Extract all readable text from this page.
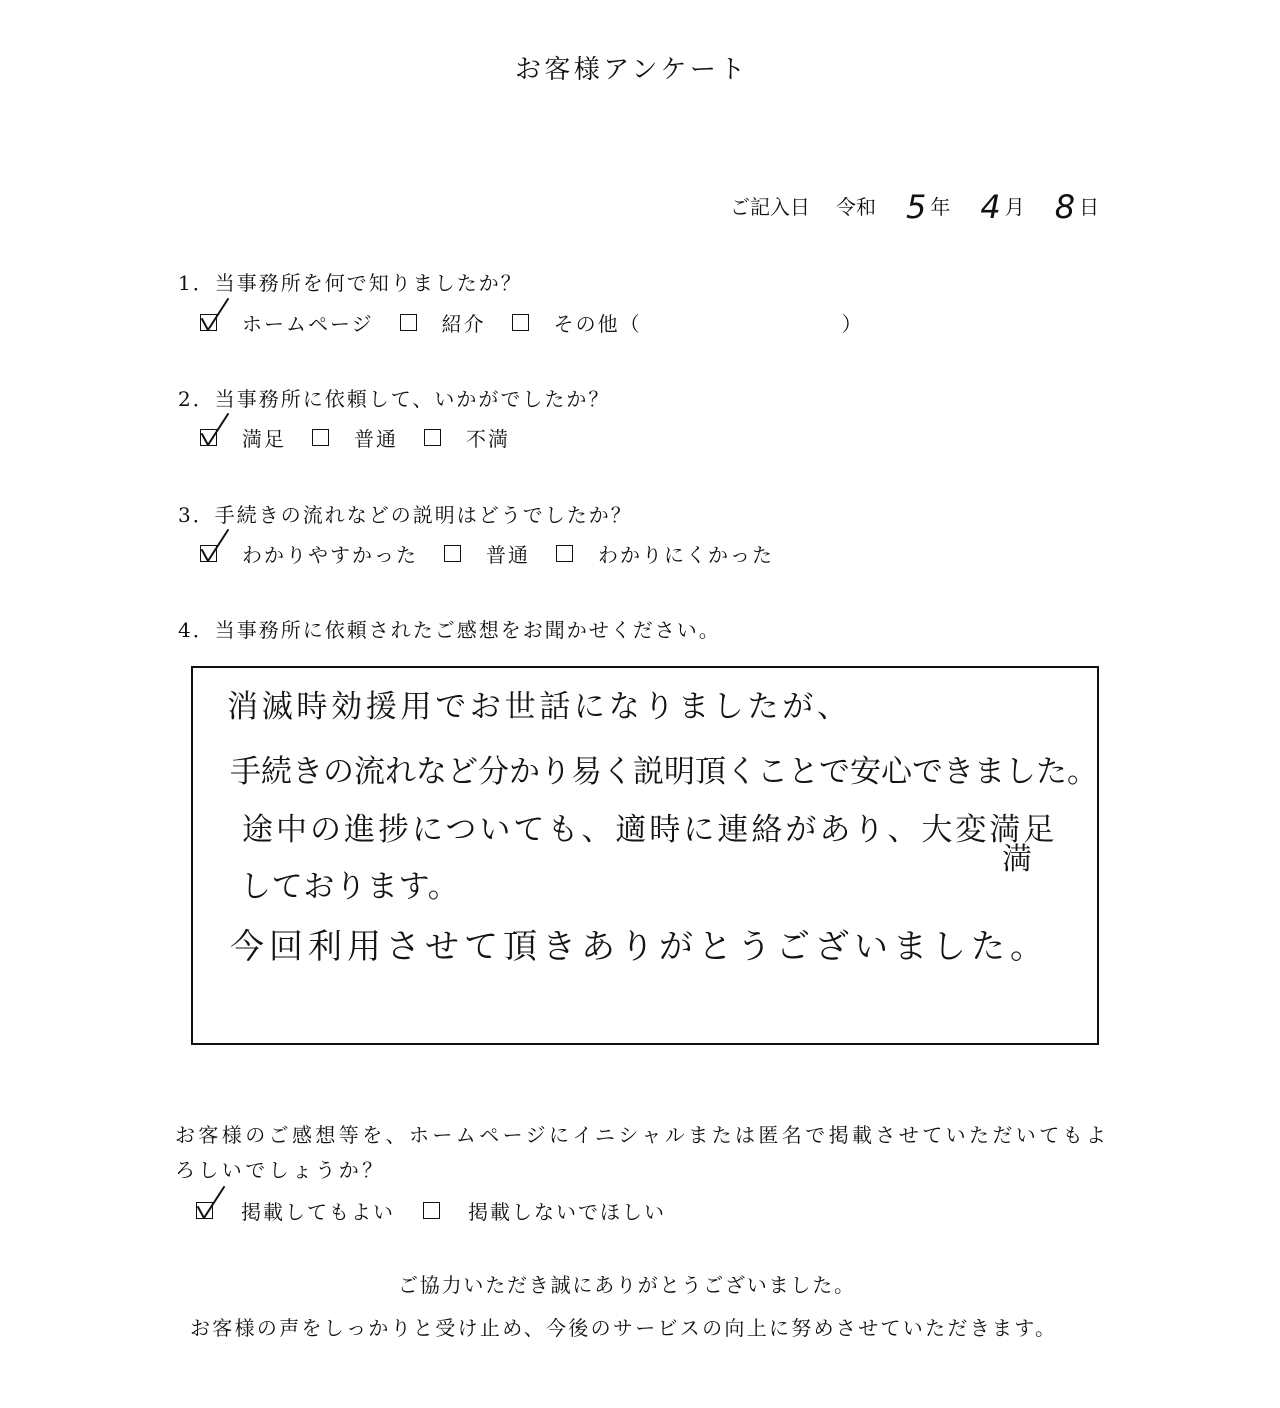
お客様アンケート
ご記入日 令和 5 年 4 月 8 日
1．当事務所を何で知りましたか？
ホームページ	紹介	その他（	）
2．当事務所に依頼して、いかがでしたか？
満足	普通	不満
3．手続きの流れなどの説明はどうでしたか？
わかりやすかった	普通	わかりにくかった
4．当事務所に依頼されたご感想をお聞かせください。
消滅時効援用でお世話になりましたが、
手続きの流れなど分かり易く説明頂くことで安心できました。
途中の進捗についても、適時に連絡があり、大変満足
満
しております。
今回利用させて頂きありがとうございました。
お客様のご感想等を、ホームページにイニシャルまたは匿名で掲載させていただいてもよ
ろしいでしょうか？
掲載してもよい	掲載しないでほしい
ご協力いただき誠にありがとうございました。
お客様の声をしっかりと受け止め、今後のサービスの向上に努めさせていただきます。
